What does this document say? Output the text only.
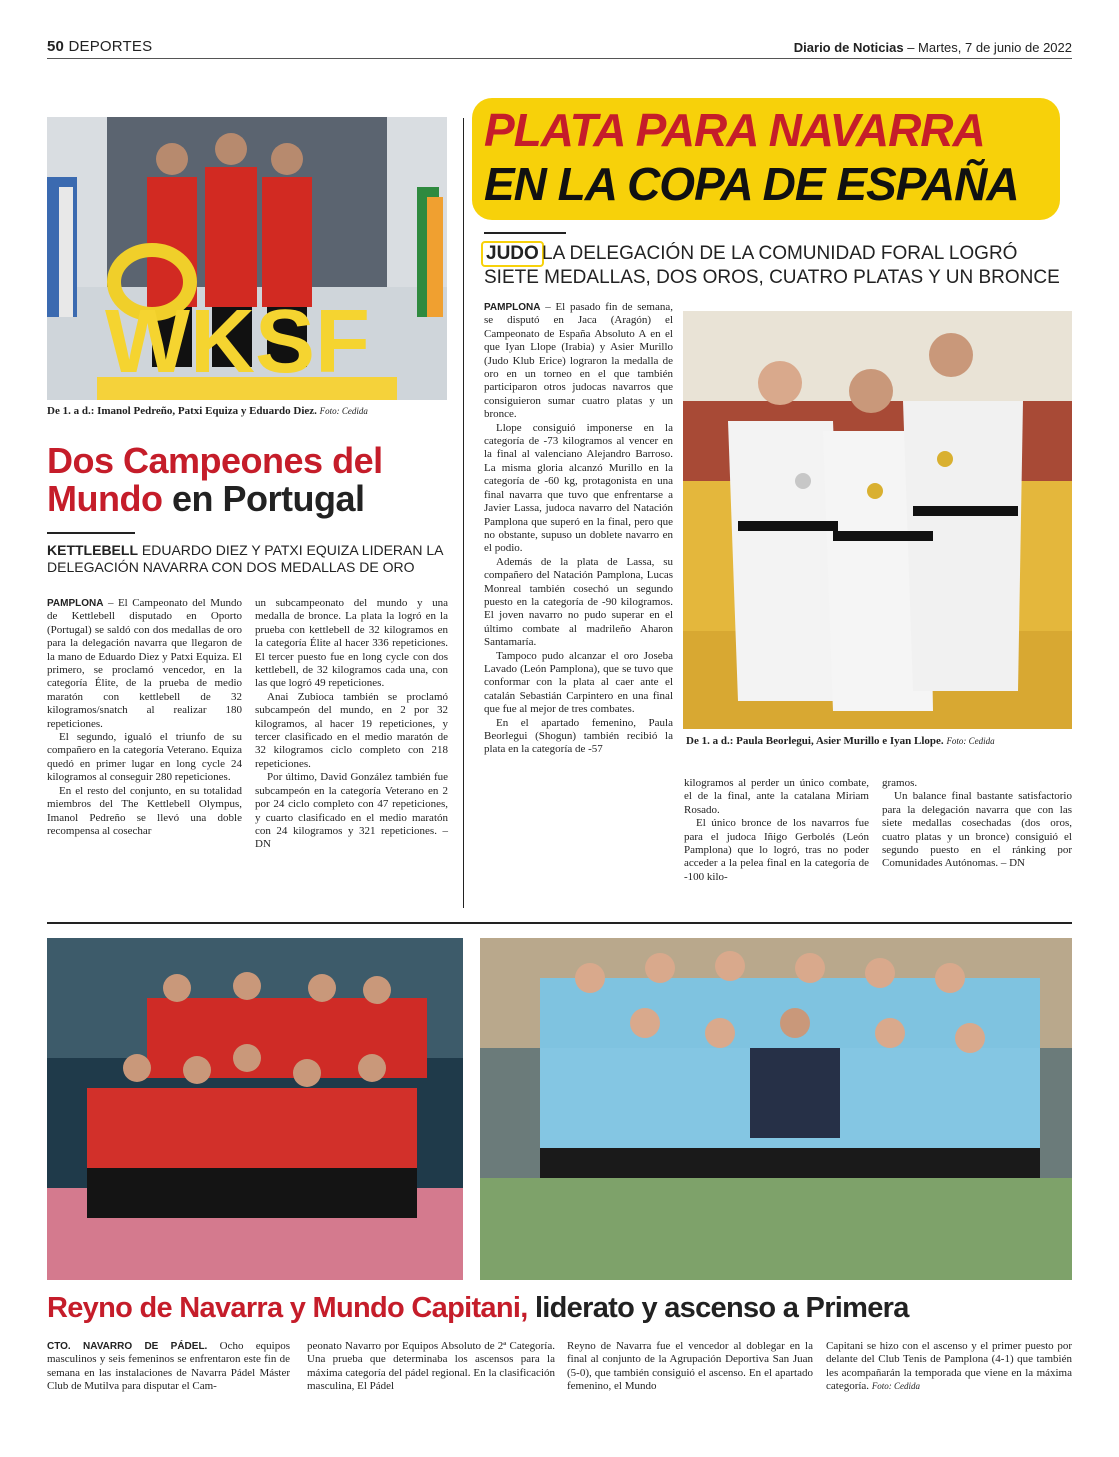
50 DEPORTES	Diario de Noticias – Martes, 7 de junio de 2022
WKSF
De 1. a d.: Imanol Pedreño, Patxi Equiza y Eduardo Diez. Foto: Cedida
Dos Campeones del Mundo en Portugal
KETTLEBELL EDUARDO DIEZ Y PATXI EQUIZA LIDERAN LA DELEGACIÓN NAVARRA CON DOS MEDALLAS DE ORO

PAMPLONA – El Campeonato del Mundo de Kettlebell disputado en Oporto (Portugal) se saldó con dos medallas de oro para la delegación navarra que llegaron de la mano de Eduardo Diez y Patxi Equiza. El primero, se proclamó vencedor, en la categoría Élite, de la prueba de medio maratón con kettlebell de 32 kilogramos/snatch al realizar 180 repeticiones.

El segundo, igualó el triunfo de su compañero en la categoría Veterano. Equiza quedó en primer lugar en long cycle 24 kilogramos al conseguir 280 repeticiones.

En el resto del conjunto, en su totalidad miembros del The Kettlebell Olympus, Imanol Pedreño se llevó una doble recompensa al cosechar

un subcampeonato del mundo y una medalla de bronce. La plata la logró en la prueba con kettlebell de 32 kilogramos en la categoría Élite al hacer 336 repeticiones. El tercer puesto fue en long cycle con dos kettlebell, de 32 kilogramos cada una, con las que logró 49 repeticiones.

Anai Zubioca también se proclamó subcampeón del mundo, en 2 por 32 kilogramos, al hacer 19 repeticiones, y tercer clasificado en el medio maratón de 32 kilogramos ciclo completo con 218 repeticiones.

Por último, David González también fue subcampeón en la categoría Veterano en 2 por 24 ciclo completo con 47 repeticiones, y cuarto clasificado en el medio maratón con 24 kilogramos y 321 repeticiones. – DN

PLATA PARA NAVARRA
EN LA COPA DE ESPAÑA
JUDO LA DELEGACIÓN DE LA COMUNIDAD FORAL LOGRÓ SIETE MEDALLAS, DOS OROS, CUATRO PLATAS Y UN BRONCE

PAMPLONA – El pasado fin de semana, se disputó en Jaca (Aragón) el Campeonato de España Absoluto A en el que Iyan Llope (Irabia) y Asier Murillo (Judo Klub Erice) lograron la medalla de oro en un torneo en el que también participaron otros judocas navarros que consiguieron sumar cuatro platas y un bronce.

Llope consiguió imponerse en la categoría de -73 kilogramos al vencer en la final al valenciano Alejandro Barroso. La misma gloria alcanzó Murillo en la categoría de -60 kg, protagonista en una final navarra que tuvo que enfrentarse a Javier Lassa, judoca navarro del Natación Pamplona que superó en la final, pero que no obstante, supuso un doblete navarro en el podio.

Además de la plata de Lassa, su compañero del Natación Pamplona, Lucas Monreal también cosechó un segundo puesto en la categoría de -90 kilogramos. El joven navarro no pudo superar en el último combate al madrileño Aharon Santamaría.

Tampoco pudo alcanzar el oro Joseba Lavado (León Pamplona), que se tuvo que conformar con la plata al caer ante el catalán Sebastián Carpintero en una final que fue al mejor de tres combates.

En el apartado femenino, Paula Beorlegui (Shogun) también recibió la plata en la categoría de -57

De 1. a d.: Paula Beorlegui, Asier Murillo e Iyan Llope. Foto: Cedida

kilogramos al perder un único combate, el de la final, ante la catalana Miriam Rosado.

El único bronce de los navarros fue para el judoca Iñigo Gerbolés (León Pamplona) que lo logró, tras no poder acceder a la pelea final en la categoría de -100 kilo-

gramos.

Un balance final bastante satisfactorio para la delegación navarra que con las siete medallas cosechadas (dos oros, cuatro platas y un bronce) consiguió el segundo puesto en el ránking por Comunidades Autónomas. – DN

Reyno de Navarra y Mundo Capitani, liderato y ascenso a Primera

CTO. NAVARRO DE PÁDEL. Ocho equipos masculinos y seis femeninos se enfrentaron este fin de semana en las instalaciones de Navarra Pádel Máster Club de Mutilva para disputar el Cam-

peonato Navarro por Equipos Absoluto de 2ª Categoría. Una prueba que determinaba los ascensos para la máxima categoría del pádel regional. En la clasificación masculina, El Pádel

Reyno de Navarra fue el vencedor al doblegar en la final al conjunto de la Agrupación Deportiva San Juan (5-0), que también consiguió el ascenso. En el apartado femenino, el Mundo

Capitani se hizo con el ascenso y el primer puesto por delante del Club Tenis de Pamplona (4-1) que también les acompañarán la temporada que viene en la máxima categoría. Foto: Cedida
